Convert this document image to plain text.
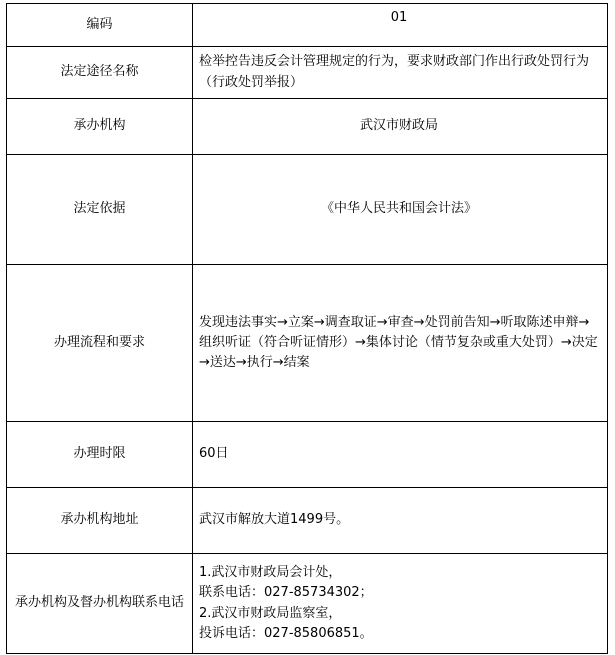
编码	01
法定途径名称	检举控告违反会计管理规定的行为，要求财政部门作出行政处罚行为（行政处罚举报）
承办机构	武汉市财政局
法定依据	《中华人民共和国会计法》
办理流程和要求	发现违法事实→立案→调查取证→审查→处罚前告知→听取陈述申辩→组织听证（符合听证情形）→集体讨论（情节复杂或重大处罚）→决定→送达→执行→结案
办理时限	60日
承办机构地址	武汉市解放大道1499号。
承办机构及督办机构联系电话	1.武汉市财政局会计处，
联系电话：027-85734302；
2.武汉市财政局监察室，
投诉电话：027-85806851。
